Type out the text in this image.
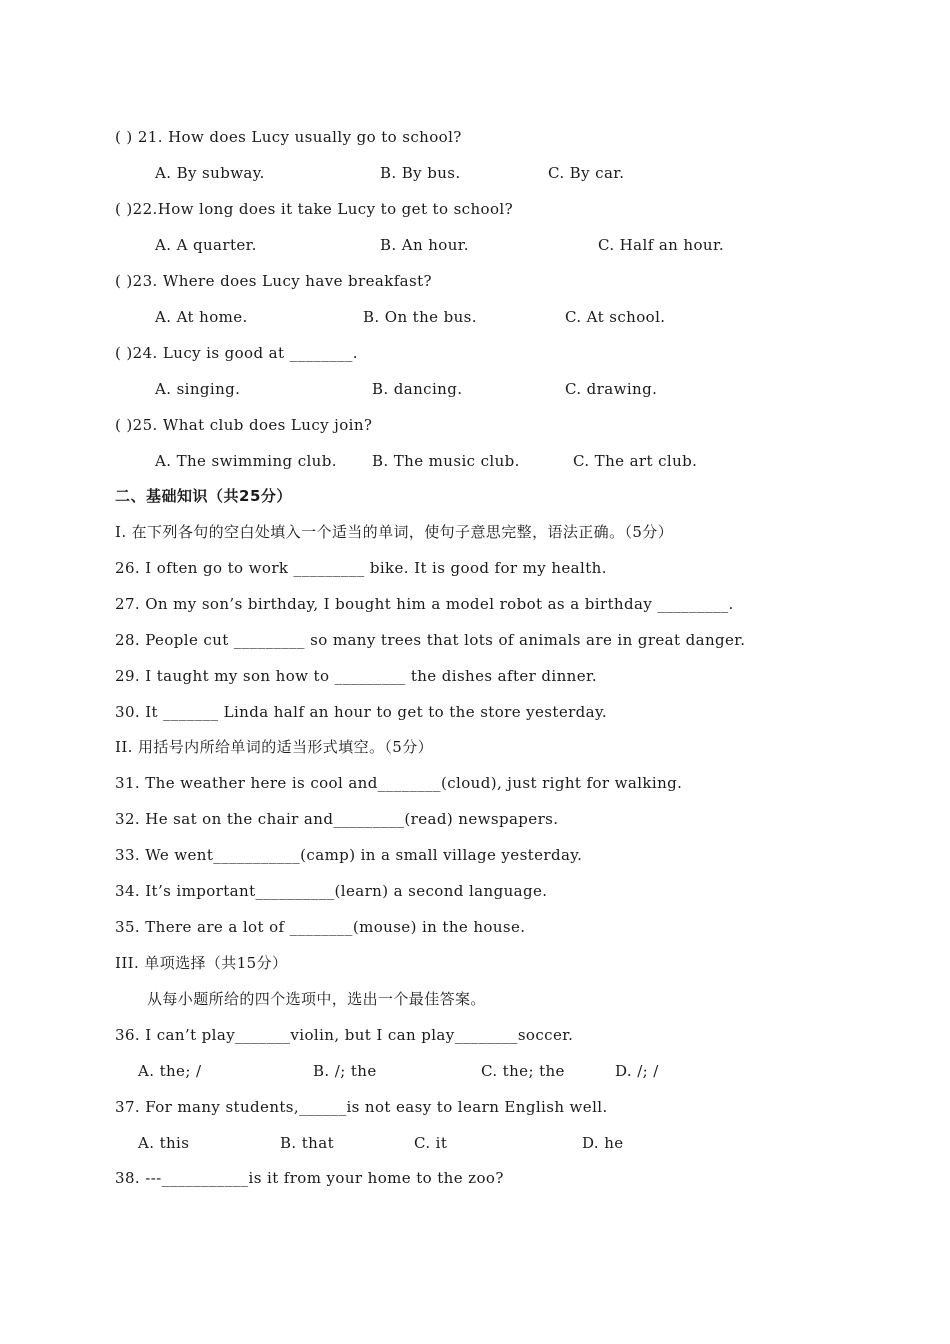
( ) 21. How does Lucy usually go to school?
A. By subway.	B. By bus.	C. By car.
( )22.How long does it take Lucy to get to school?
A. A quarter.	B. An hour.	C. Half an hour.
( )23. Where does Lucy have breakfast?
A. At home.	B. On the bus.	C. At school.
( )24. Lucy is good at ________.
A. singing.	B. dancing.	C. drawing.
( )25. What club does Lucy join?
A. The swimming club. B. The music club.	C. The art club.
二、基础知识（共25分）
I. 在下列各句的空白处填入一个适当的单词，使句子意思完整，语法正确。（5分）
26. I often go to work _________ bike. It is good for my health.
27. On my son’s birthday, I bought him a model robot as a birthday _________.
28. People cut _________ so many trees that lots of animals are in great danger.
29. I taught my son how to _________ the dishes after dinner.
30. It _______ Linda half an hour to get to the store yesterday.
II. 用括号内所给单词的适当形式填空。（5分）
31. The weather here is cool and________(cloud), just right for walking.
32. He sat on the chair and_________(read) newspapers.
33. We went___________(camp) in a small village yesterday.
34. It’s important__________(learn) a second language.
35. There are a lot of ________(mouse) in the house.
III. 单项选择（共15分）
从每小题所给的四个选项中，选出一个最佳答案。
36. I can’t play_______violin, but I can play________soccer.
A. the; /	B. /; the	C. the; the	D. /; /
37. For many students,______is not easy to learn English well.
A. this	B. that	C. it	D. he
38. ---___________is it from your home to the zoo?
